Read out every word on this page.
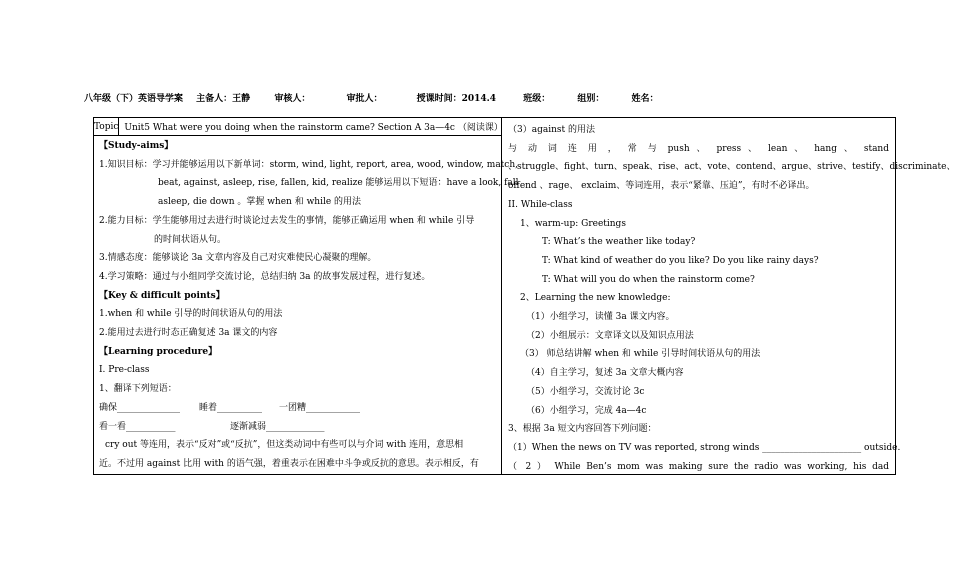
八年级（下）英语导学案 主备人：王静	审核人：	审批人：	授课时间：2014.4	班级：	组别：	姓名：
Topic Unit5 What were you doing when the rainstorm came? Section A 3a—4c （阅读课）
【Study-aims】
1.知识目标：学习并能够运用以下新单词：storm, wind, light, report, area, wood, window, match,
beat, against, asleep, rise, fallen, kid, realize 能够运用以下短语：have a look, fall
asleep, die down 。掌握 when 和 while 的用法
2.能力目标：学生能够用过去进行时谈论过去发生的事情，能够正确运用 when 和 while 引导
的时间状语从句。
3.情感态度：能够谈论 3a 文章内容及自己对灾难使民心凝聚的理解。
4.学习策略：通过与小组同学交流讨论，总结归纳 3a 的故事发展过程，进行复述。
【Key & difficult points】
1.when 和 while 引导的时间状语从句的用法
2.能用过去进行时态正确复述 3a 课文的内容
【Learning procedure】
I. Pre-class
1、翻译下列短语：
确保______________ 睡着__________ 一团糟____________
看一看___________	逐渐减弱_____________
cry out 等连用，表示“反对”或“反抗”，但这类动词中有些可以与介词 with 连用，意思相
近。不过用 against 比用 with 的语气强，着重表示在困难中斗争或反抗的意思。表示相反，有
（3）against 的用法
与 动 词 连 用 ， 常 与 push 、 press 、 lean 、 hang 、 stand
、struggle、fight、turn、speak、rise、act、vote、contend、argue、strive、testify、discriminate、
offend 、rage、 exclaim、等词连用，表示“紧靠、压迫”，有时不必译出。
II. While-class
1、warm-up: Greetings
T: What’s the weather like today?
T: What kind of weather do you like? Do you like rainy days?
T: What will you do when the rainstorm come?
2、Learning the new knowledge:
（1）小组学习，读懂 3a 课文内容。
（2）小组展示：文章译文以及知识点用法
（3） 师总结讲解 when 和 while 引导时间状语从句的用法
（4）自主学习，复述 3a 文章大概内容
（5）小组学习，交流讨论 3c
（6）小组学习，完成 4a—4c
3、根据 3a 短文内容回答下列问题：
（1）When the news on TV was reported, strong winds ______________________ outside.
（ 2 ） While Ben’s mom was making sure the radio was working, his dad
